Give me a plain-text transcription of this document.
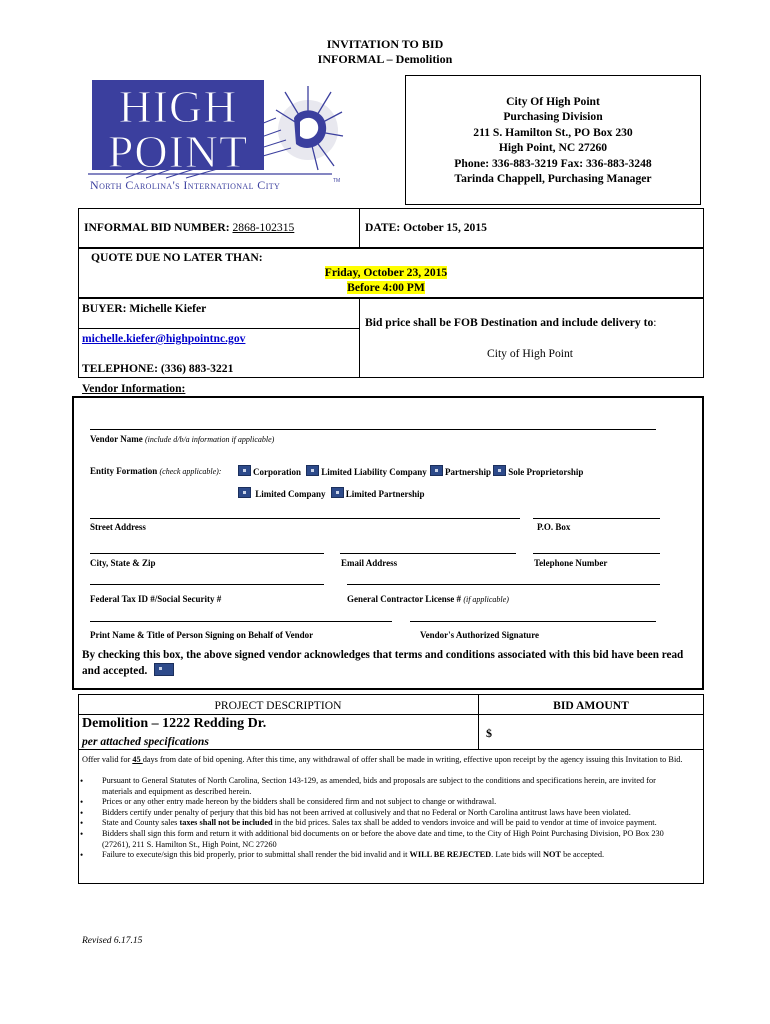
INVITATION TO BID
INFORMAL – Demolition
HIGH
POINT
North Carolina's International City	TM
City Of High Point
Purchasing Division
211 S. Hamilton St., PO Box 230
High Point, NC 27260
Phone: 336-883-3219 Fax: 336-883-3248
Tarinda Chappell, Purchasing Manager
INFORMAL BID NUMBER: 2868-102315	DATE: October 15, 2015
QUOTE DUE NO LATER THAN:
Friday, October 23, 2015
Before 4:00 PM
BUYER: Michelle Kiefer
michelle.kiefer@highpointnc.gov
TELEPHONE: (336) 883-3221
Bid price shall be FOB Destination and include delivery to:
City of High Point
Vendor Information:
Vendor Name (include d/b/a information if applicable)
Entity Formation (check applicable):	Corporation Limited Liability Company Partnership Sole Proprietorship
Limited Company Limited Partnership
Street Address	P.O. Box
City, State & Zip	Email Address	Telephone Number
Federal Tax ID #/Social Security #	General Contractor License # (if applicable)
Print Name & Title of Person Signing on Behalf of Vendor	Vendor's Authorized Signature
By checking this box, the above signed vendor acknowledges that terms and conditions associated with this bid have been read and accepted.
PROJECT DESCRIPTION	BID AMOUNT
Demolition – 1222 Redding Dr.
per attached specifications
$
Offer valid for 45 days from date of bid opening. After this time, any withdrawal of offer shall be made in writing, effective upon receipt by the agency issuing this Invitation to Bid.
• Pursuant to General Statutes of North Carolina, Section 143-129, as amended, bids and proposals are subject to the conditions and specifications herein, are invited for materials and equipment as described herein.
• Prices or any other entry made hereon by the bidders shall be considered firm and not subject to change or withdrawal.
• Bidders certify under penalty of perjury that this bid has not been arrived at collusively and that no Federal or North Carolina antitrust laws have been violated.
• State and County sales taxes shall not be included in the bid prices. Sales tax shall be added to vendors invoice and will be paid to vendor at time of invoice payment.
• Bidders shall sign this form and return it with additional bid documents on or before the above date and time, to the City of High Point Purchasing Division, PO Box 230 (27261), 211 S. Hamilton St., High Point, NC 27260
• Failure to execute/sign this bid properly, prior to submittal shall render the bid invalid and it WILL BE REJECTED. Late bids will NOT be accepted.
Revised 6.17.15
